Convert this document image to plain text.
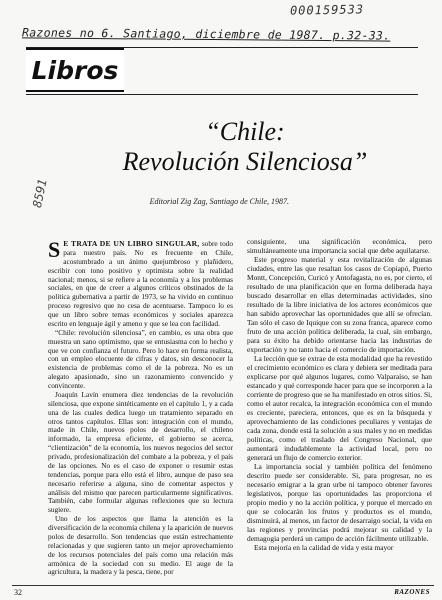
000159533
Razones no 6. Santiago, diciembre de 1987. p.32-33.
8591
Libros
“Chile:
Revolución Silenciosa”
Editorial Zig Zag, Santiago de Chile, 1987.

S E TRATA DE UN LIBRO SINGULAR, sobre todo para nuestro país. No es frecuente en Chile, acostumbrado a un ánimo quejumbroso y plañidero, escribir con tono positivo y optimista sobre la realidad nacional; menos, si se refiere a la economía y a los problemas sociales, en que de creer a algunos críticos obstinados de la política gubernativa a partir de 1973, se ha vivido en continuo proceso regresivo que no cesa de acentuarse. Tampoco lo es que un libro sobre temas económicos y sociales aparezca escrito en lenguaje ágil y ameno y que se lea con facilidad.

“Chile: revolución silenciosa”, en cambio, es una obra que muestra un sano optimismo, que se entusiasma con lo hecho y que ve con confianza el futuro. Pero lo hace en forma realista, con un empleo elocuente de cifras y datos, sin desconocer la existencia de problemas como el de la pobreza. No es un alegato apasionado, sino un razonamiento convencido y convincente.

Joaquín Lavín enumera diez tendencias de la revolución silenciosa, que expone sintéticamente en el capítulo 1, y a cada una de las cuales dedica luego un tratamiento separado en otros tantos capítulos. Ellas son: integración con el mundo, made in Chile, nuevos polos de desarrollo, el chileno informado, la empresa eficiente, el gobierno se acerca, “clientización” de la economía, los nuevos negocios del sector privado, profesionalización del combate a la pobreza, y el país de las opciones. No es el caso de exponer o resumir estas tendencias, porque para ello está el libro, aunque de paso sea necesario referirse a alguna, sino de comentar aspectos y análisis del mismo que parecen particularmente significativos. También, cabe formular algunas reflexiones que su lectura sugiere.

Uno de los aspectos que llama la atención es la diversificación de la economía chilena y la aparición de nuevos polos de desarrollo. Son tendencias que están estrechamente relacionadas y que sugieren tanto un mejor aprovechamiento de los recursos potenciales del país como una relación más armónica de la sociedad con su medio. El auge de la agricultura, la madera y la pesca, tiene, por

consiguiente, una significación económica, pero simultáneamente una importancia social que debe aquilatarse.

Este progreso material y esta revitalización de algunas ciudades, entre las que resaltan los casos de Copiapó, Puerto Montt, Concepción, Curicó y Antofagasta, no es, por cierto, el resultado de una planificación que en forma deliberada haya buscado desarrollar en ellas determinadas actividades, sino resultado de la libre iniciativa de los actores económicos que han sabido aprovechar las oportunidades que allí se ofrecían. Tan sólo el caso de Iquique con su zona franca, aparece como fruto de una acción política deliberada, la cual, sin embargo, para su éxito ha debido orientarse hacia las industrias de exportación y no tanto hacia el comercio de importación.

La lección que se extrae de esta modalidad que ha revestido el crecimiento económico es clara y debiera ser meditada para explicarse por qué algunos lugares, como Valparaíso, se han estancado y qué corresponde hacer para que se incorporen a la corriente de progreso que se ha manifestado en otros sitios. Si, como el autor recalca, la integración económica con el mundo es creciente, pareciera, entonces, que es en la búsqueda y aprovechamiento de las condiciones peculiares y ventajas de cada zona, donde está la solución a sus males y no en medidas políticas, como el traslado del Congreso Nacional, que aumentará indudablemente la actividad local, pero no generará un flujo de comercio exterior.

La importancia social y también política del fenómeno descrito puede ser considerable. Si, para progresar, no es necesario emigrar a la gran urbe ni tampoco obtener favores legislativos, porque las oportunidades las proporciona el propio medio y no la acción política, y porque el mercado en que se colocarán los frutos y productos es el mundo, disminuirá, al menos, un factor de desarraigo social, la vida en las regiones y provincias podrá mejorar su calidad y la demagogia perderá un campo de acción fácilmente utilizable.

Esta mejoría en la calidad de vida y esta mayor

32	RAZONES
